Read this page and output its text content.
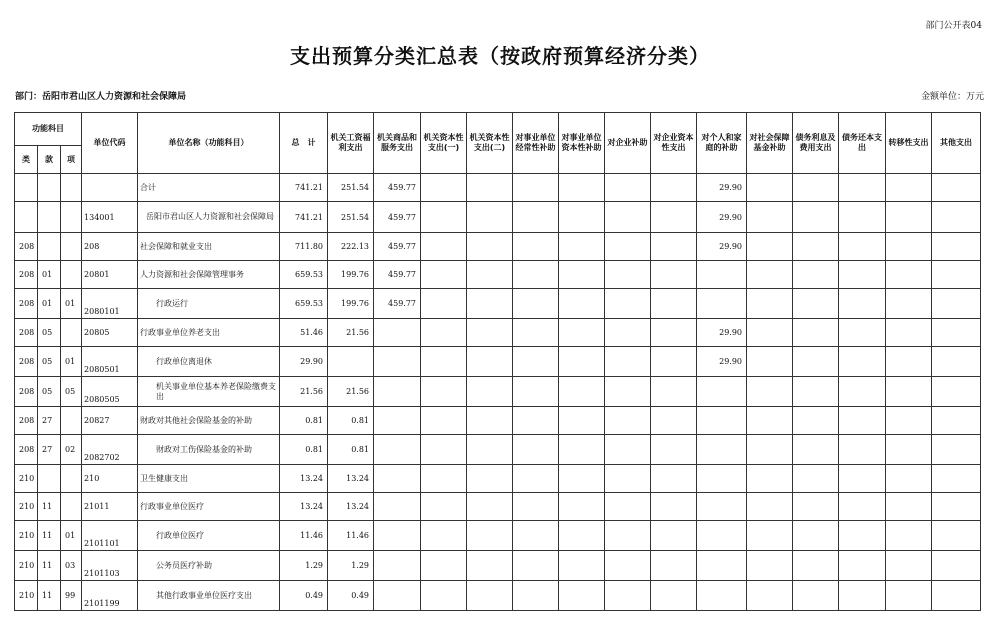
部门公开表04
支出预算分类汇总表（按政府预算经济分类）
部门：岳阳市君山区人力资源和社会保障局	金额单位：万元
功能科目			单位代码	单位名称（功能科目）	总　计	机关工资福利支出	机关商品和服务支出	机关资本性支出(一)	机关资本性支出(二)	对事业单位经常性补助	对事业单位资本性补助	对企业补助	对企业资本性支出	对个人和家庭的补助	对社会保障基金补助	债务利息及费用支出	债务还本支出	转移性支出	其他支出
类	款	项																	
				合计	741.21	251.54	459.77							29.90					
			134001	岳阳市君山区人力资源和社会保障局	741.21	251.54	459.77							29.90					
208			208	社会保障和就业支出	711.80	222.13	459.77							29.90					
208	01		20801	人力资源和社会保障管理事务	659.53	199.76	459.77												
208	01	01	2080101	行政运行	659.53	199.76	459.77												
208	05		20805	行政事业单位养老支出	51.46	21.56								29.90					
208	05	01	2080501	行政单位离退休	29.90									29.90					
208	05	05	2080505	机关事业单位基本养老保险缴费支出	21.56	21.56													
208	27		20827	财政对其他社会保险基金的补助	0.81	0.81													
208	27	02	2082702	财政对工伤保险基金的补助	0.81	0.81													
210			210	卫生健康支出	13.24	13.24													
210	11		21011	行政事业单位医疗	13.24	13.24													
210	11	01	2101101	行政单位医疗	11.46	11.46													
210	11	03	2101103	公务员医疗补助	1.29	1.29													
210	11	99	2101199	其他行政事业单位医疗支出	0.49	0.49													
